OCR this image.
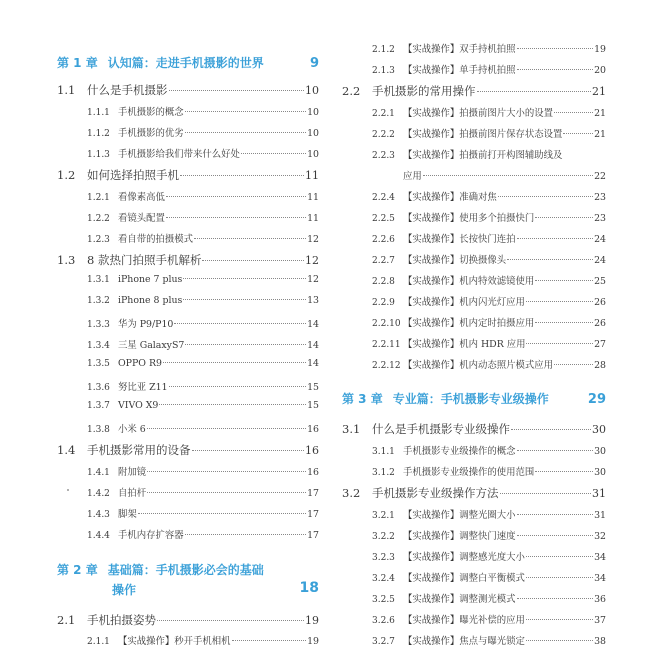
第 1 章 认知篇：走进手机摄影的世界	9
1.1	什么是手机摄影	10
1.1.1 手机摄影的概念	10
1.1.2 手机摄影的优劣	10
1.1.3 手机摄影给我们带来什么好处	10
1.2	如何选择拍照手机	11
1.2.1 看像素高低	11
1.2.2 看镜头配置	11
1.2.3 看自带的拍摄模式	12
1.3	8 款热门拍照手机解析	12
1.3.1 iPhone 7 plus	12
1.3.2 iPhone 8 plus	13
1.3.3 华为 P9/P10	14
1.3.4 三星 GalaxyS7	14
1.3.5 OPPO R9	14
1.3.6 努比亚 Z11	15
1.3.7 VIVO X9	15
1.3.8 小米 6	16
1.4	手机摄影常用的设备	16
1.4.1 附加镜	16
1.4.2 自拍杆	17
1.4.3 脚架	17
1.4.4 手机内存扩容器	17
第 2 章 基础篇：手机摄影必会的基础
操作	18
2.1	手机拍摄姿势	19
2.1.1 【实战操作】 秒开手机相机	19
2.1.2 【实战操作】 双手持机拍照	19
2.1.3 【实战操作】 单手持机拍照	20
2.2	手机摄影的常用操作	21
2.2.1 【实战操作】 拍摄前图片大小的设置	21
2.2.2 【实战操作】 拍摄前图片保存状态设置	21
2.2.3 【实战操作】 拍摄前打开构图辅助线及
应用	22
2.2.4 【实战操作】 准确对焦	23
2.2.5 【实战操作】 使用多个拍摄快门	23
2.2.6 【实战操作】 长按快门连拍	24
2.2.7 【实战操作】 切换摄像头	24
2.2.8 【实战操作】 机内特效滤镜使用	25
2.2.9 【实战操作】 机内闪光灯应用	26
2.2.10 【实战操作】 机内定时拍摄应用	26
2.2.11 【实战操作】 机内 HDR 应用	27
2.2.12 【实战操作】 机内动态照片模式应用	28
第 3 章 专业篇：手机摄影专业级操作	29
3.1	什么是手机摄影专业级操作	30
3.1.1 手机摄影专业级操作的概念	30
3.1.2 手机摄影专业级操作的使用范围	30
3.2	手机摄影专业级操作方法	31
3.2.1 【实战操作】 调整光圈大小	31
3.2.2 【实战操作】 调整快门速度	32
3.2.3 【实战操作】 调整感光度大小	34
3.2.4 【实战操作】 调整白平衡模式	34
3.2.5 【实战操作】 调整测光模式	36
3.2.6 【实战操作】 曝光补偿的应用	37
3.2.7 【实战操作】 焦点与曝光锁定	38
